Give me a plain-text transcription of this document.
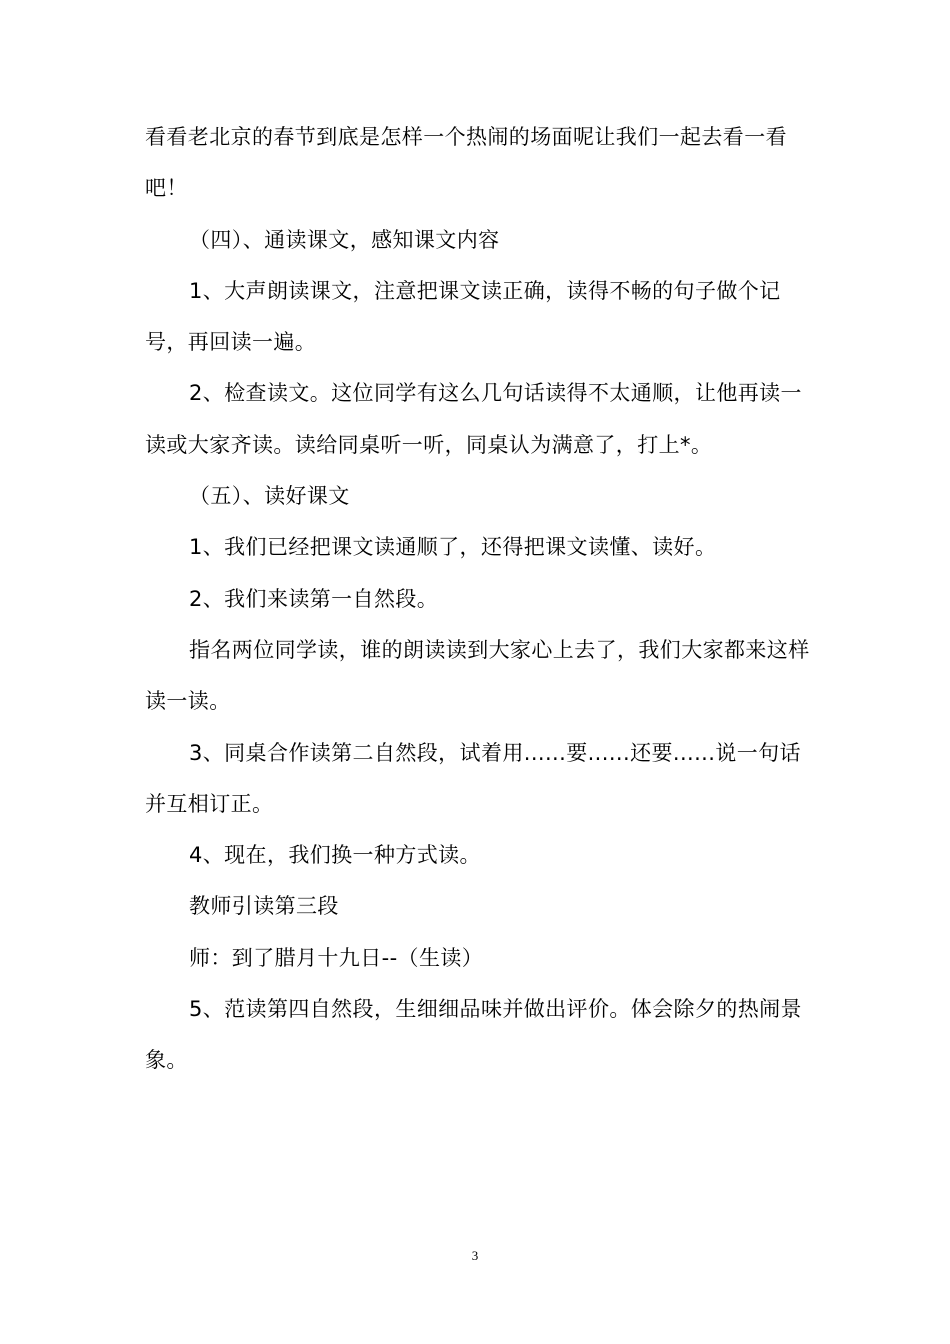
看看老北京的春节到底是怎样一个热闹的场面呢让我们一起去看一看吧！

（四）、通读课文，感知课文内容

1、大声朗读课文，注意把课文读正确，读得不畅的句子做个记号，再回读一遍。

2、检查读文。这位同学有这么几句话读得不太通顺，让他再读一读或大家齐读。读给同桌听一听，同桌认为满意了，打上*。

（五）、读好课文

1、我们已经把课文读通顺了，还得把课文读懂、读好。

2、我们来读第一自然段。

指名两位同学读，谁的朗读读到大家心上去了，我们大家都来这样读一读。

3、同桌合作读第二自然段，试着用......要......还要......说一句话并互相订正。

4、现在，我们换一种方式读。

教师引读第三段

师：到了腊月十九日--（生读）

5、范读第四自然段，生细细品味并做出评价。体会除夕的热闹景象。

3
